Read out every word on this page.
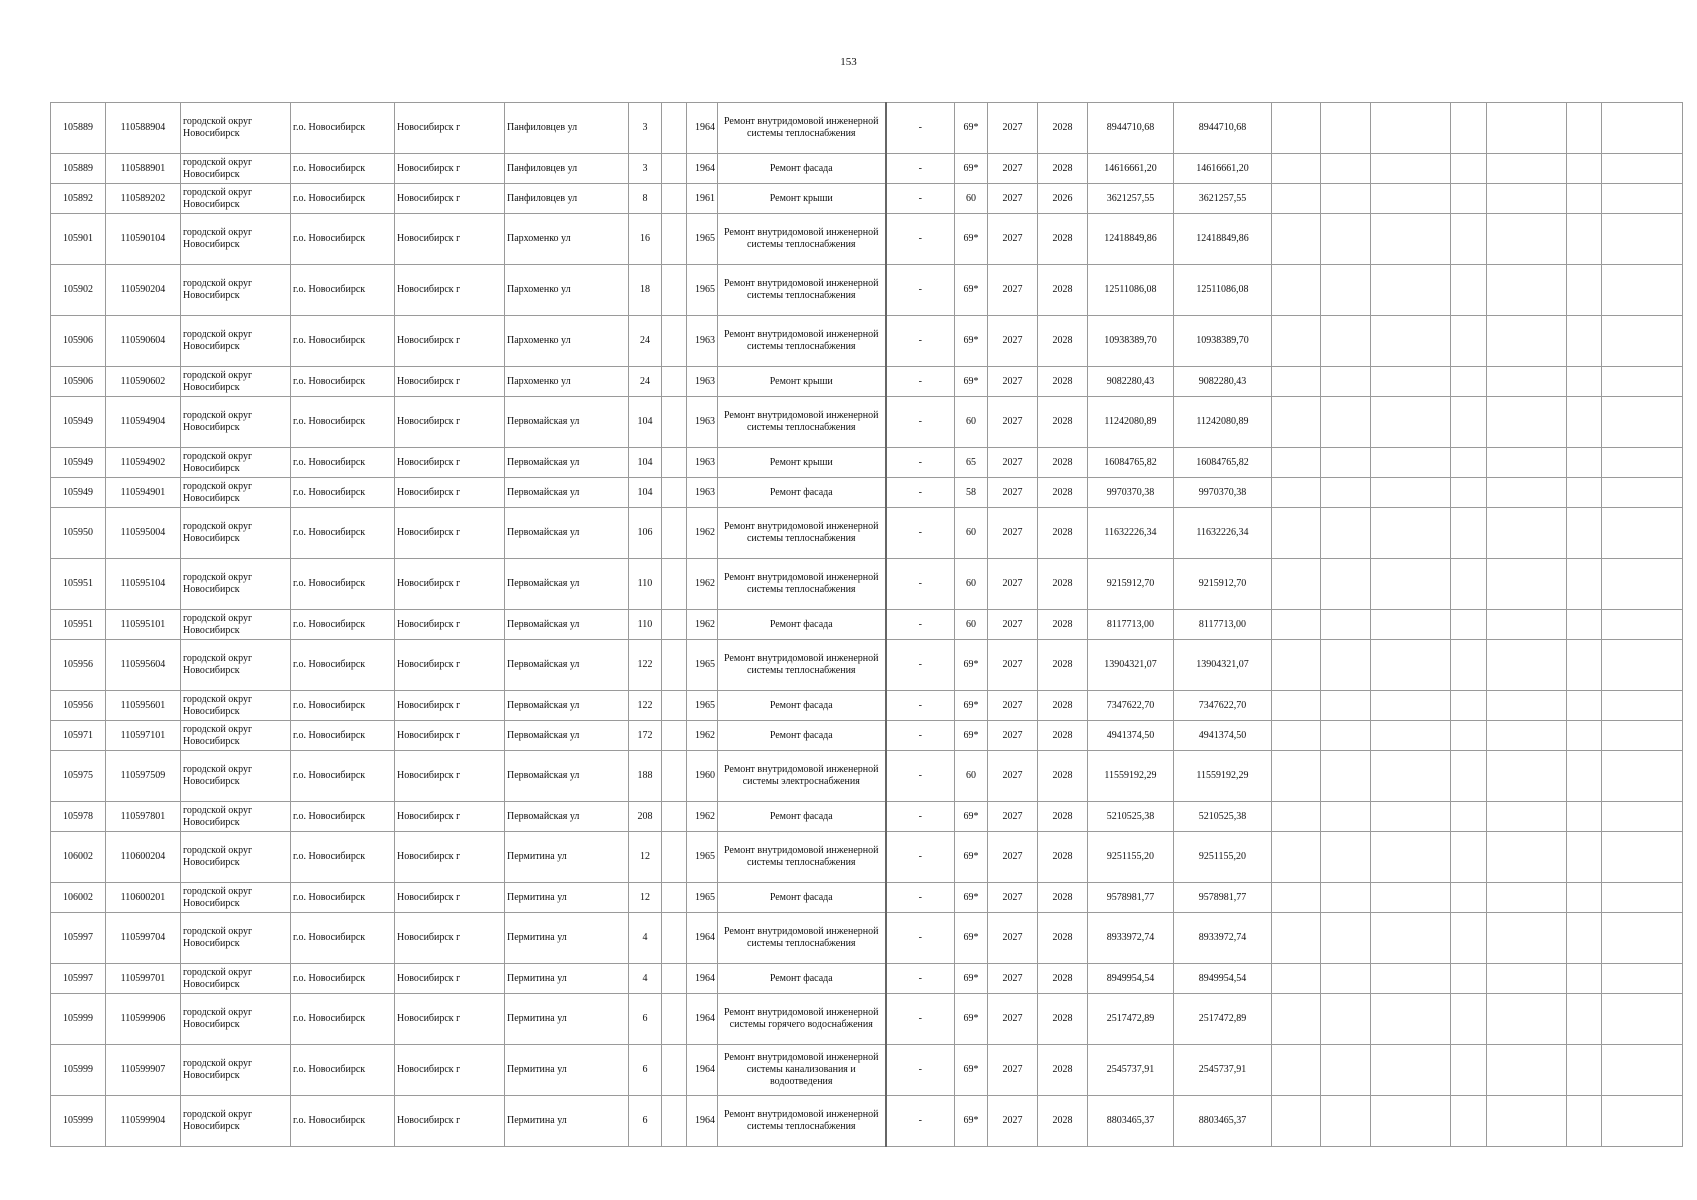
153
105889	110588904	городской округ Новосибирск	г.о. Новосибирск	Новосибирск г	Панфиловцев ул	3		1964	Ремонт внутридомовой инженерной системы теплоснабжения	-	69*	2027	2028	8944710,68	8944710,68							
105889	110588901	городской округ Новосибирск	г.о. Новосибирск	Новосибирск г	Панфиловцев ул	3		1964	Ремонт фасада	-	69*	2027	2028	14616661,20	14616661,20							
105892	110589202	городской округ Новосибирск	г.о. Новосибирск	Новосибирск г	Панфиловцев ул	8		1961	Ремонт крыши	-	60	2027	2026	3621257,55	3621257,55							
105901	110590104	городской округ Новосибирск	г.о. Новосибирск	Новосибирск г	Пархоменко ул	16		1965	Ремонт внутридомовой инженерной системы теплоснабжения	-	69*	2027	2028	12418849,86	12418849,86							
105902	110590204	городской округ Новосибирск	г.о. Новосибирск	Новосибирск г	Пархоменко ул	18		1965	Ремонт внутридомовой инженерной системы теплоснабжения	-	69*	2027	2028	12511086,08	12511086,08							
105906	110590604	городской округ Новосибирск	г.о. Новосибирск	Новосибирск г	Пархоменко ул	24		1963	Ремонт внутридомовой инженерной системы теплоснабжения	-	69*	2027	2028	10938389,70	10938389,70							
105906	110590602	городской округ Новосибирск	г.о. Новосибирск	Новосибирск г	Пархоменко ул	24		1963	Ремонт крыши	-	69*	2027	2028	9082280,43	9082280,43							
105949	110594904	городской округ Новосибирск	г.о. Новосибирск	Новосибирск г	Первомайская ул	104		1963	Ремонт внутридомовой инженерной системы теплоснабжения	-	60	2027	2028	11242080,89	11242080,89							
105949	110594902	городской округ Новосибирск	г.о. Новосибирск	Новосибирск г	Первомайская ул	104		1963	Ремонт крыши	-	65	2027	2028	16084765,82	16084765,82							
105949	110594901	городской округ Новосибирск	г.о. Новосибирск	Новосибирск г	Первомайская ул	104		1963	Ремонт фасада	-	58	2027	2028	9970370,38	9970370,38							
105950	110595004	городской округ Новосибирск	г.о. Новосибирск	Новосибирск г	Первомайская ул	106		1962	Ремонт внутридомовой инженерной системы теплоснабжения	-	60	2027	2028	11632226,34	11632226,34							
105951	110595104	городской округ Новосибирск	г.о. Новосибирск	Новосибирск г	Первомайская ул	110		1962	Ремонт внутридомовой инженерной системы теплоснабжения	-	60	2027	2028	9215912,70	9215912,70							
105951	110595101	городской округ Новосибирск	г.о. Новосибирск	Новосибирск г	Первомайская ул	110		1962	Ремонт фасада	-	60	2027	2028	8117713,00	8117713,00							
105956	110595604	городской округ Новосибирск	г.о. Новосибирск	Новосибирск г	Первомайская ул	122		1965	Ремонт внутридомовой инженерной системы теплоснабжения	-	69*	2027	2028	13904321,07	13904321,07							
105956	110595601	городской округ Новосибирск	г.о. Новосибирск	Новосибирск г	Первомайская ул	122		1965	Ремонт фасада	-	69*	2027	2028	7347622,70	7347622,70							
105971	110597101	городской округ Новосибирск	г.о. Новосибирск	Новосибирск г	Первомайская ул	172		1962	Ремонт фасада	-	69*	2027	2028	4941374,50	4941374,50							
105975	110597509	городской округ Новосибирск	г.о. Новосибирск	Новосибирск г	Первомайская ул	188		1960	Ремонт внутридомовой инженерной системы электроснабжения	-	60	2027	2028	11559192,29	11559192,29							
105978	110597801	городской округ Новосибирск	г.о. Новосибирск	Новосибирск г	Первомайская ул	208		1962	Ремонт фасада	-	69*	2027	2028	5210525,38	5210525,38							
106002	110600204	городской округ Новосибирск	г.о. Новосибирск	Новосибирск г	Пермитина ул	12		1965	Ремонт внутридомовой инженерной системы теплоснабжения	-	69*	2027	2028	9251155,20	9251155,20							
106002	110600201	городской округ Новосибирск	г.о. Новосибирск	Новосибирск г	Пермитина ул	12		1965	Ремонт фасада	-	69*	2027	2028	9578981,77	9578981,77							
105997	110599704	городской округ Новосибирск	г.о. Новосибирск	Новосибирск г	Пермитина ул	4		1964	Ремонт внутридомовой инженерной системы теплоснабжения	-	69*	2027	2028	8933972,74	8933972,74							
105997	110599701	городской округ Новосибирск	г.о. Новосибирск	Новосибирск г	Пермитина ул	4		1964	Ремонт фасада	-	69*	2027	2028	8949954,54	8949954,54							
105999	110599906	городской округ Новосибирск	г.о. Новосибирск	Новосибирск г	Пермитина ул	6		1964	Ремонт внутридомовой инженерной системы горячего водоснабжения	-	69*	2027	2028	2517472,89	2517472,89							
105999	110599907	городской округ Новосибирск	г.о. Новосибирск	Новосибирск г	Пермитина ул	6		1964	Ремонт внутридомовой инженерной системы канализования и водоотведения	-	69*	2027	2028	2545737,91	2545737,91							
105999	110599904	городской округ Новосибирск	г.о. Новосибирск	Новосибирск г	Пермитина ул	6		1964	Ремонт внутридомовой инженерной системы теплоснабжения	-	69*	2027	2028	8803465,37	8803465,37							
